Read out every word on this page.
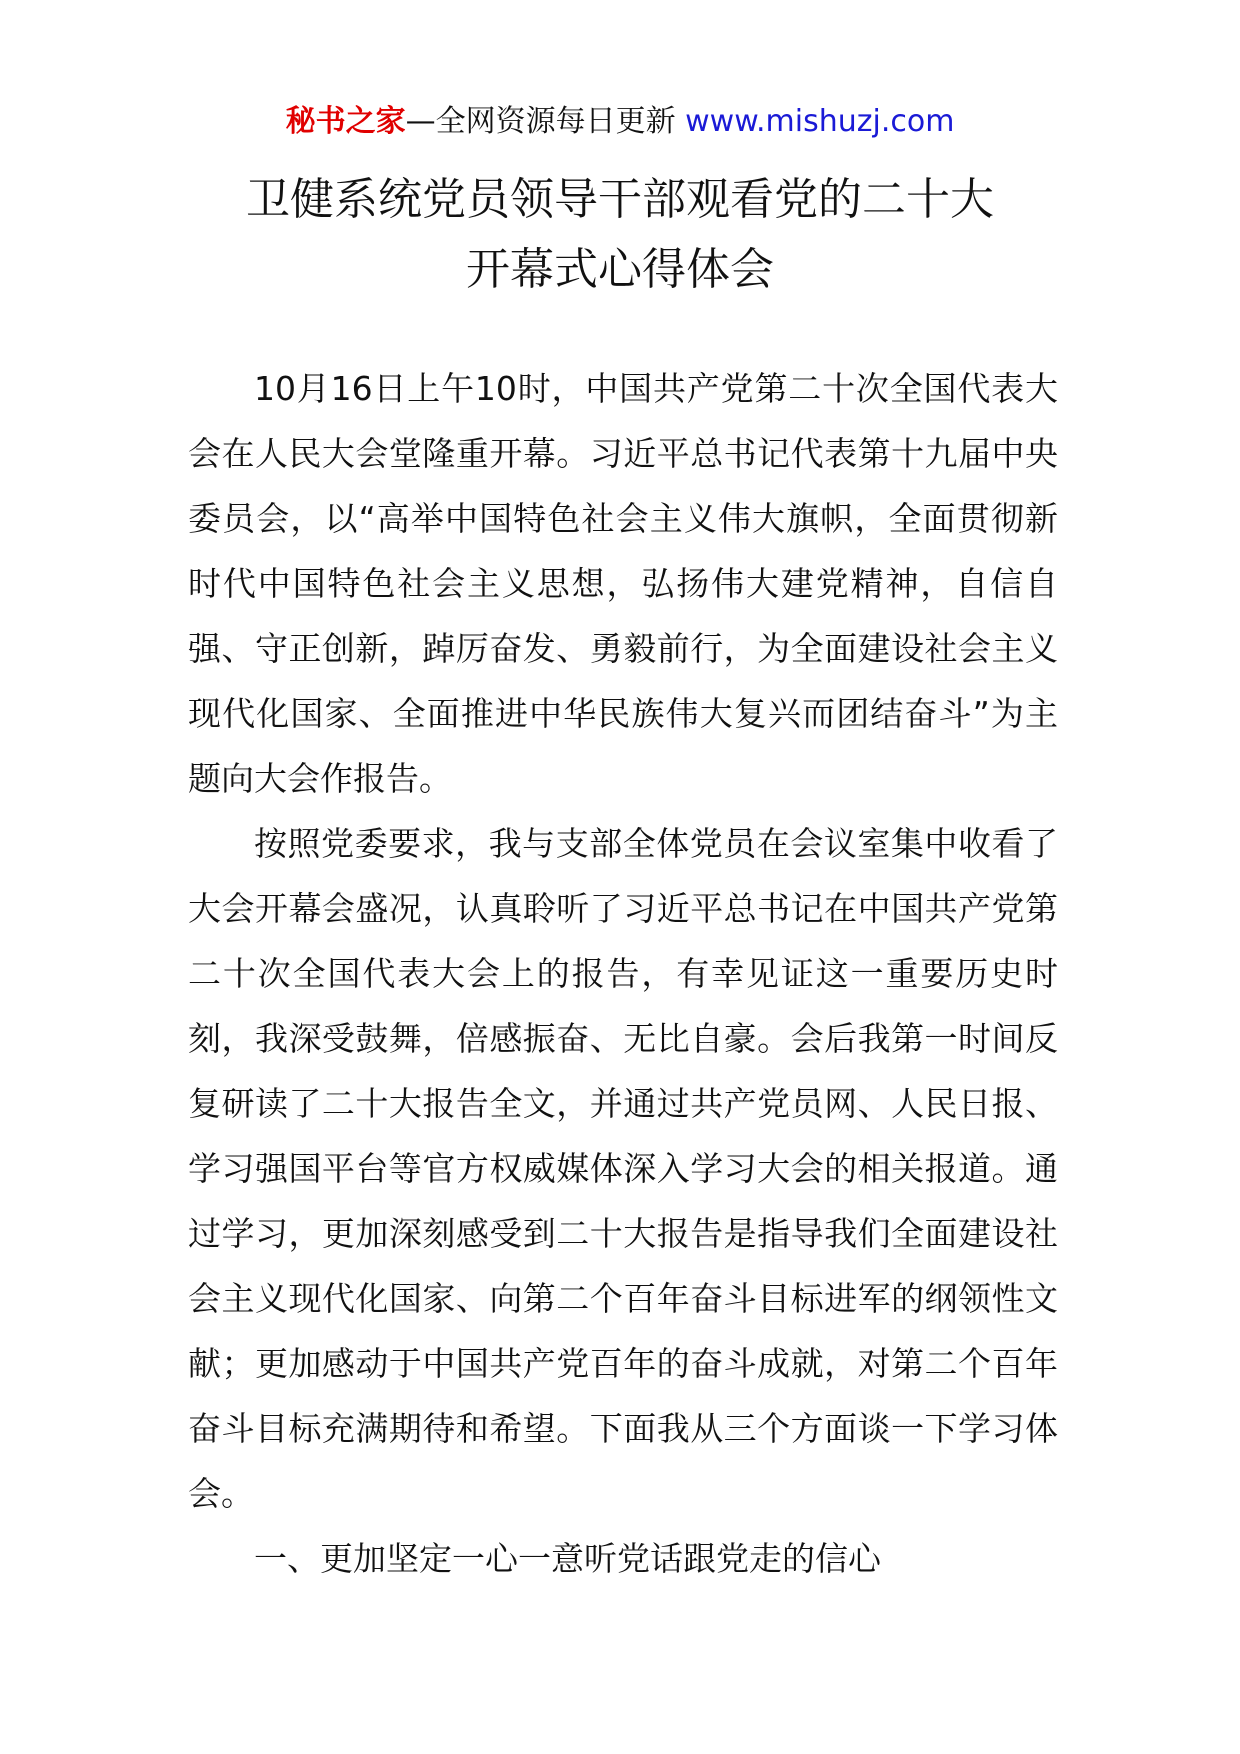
秘书之家—全网资源每日更新 www.mishuzj.com
卫健系统党员领导干部观看党的二十大
开幕式心得体会

10月16日上午10时，中国共产党第二十次全国代表大会在人民大会堂隆重开幕。习近平总书记代表第十九届中央委员会，以“高举中国特色社会主义伟大旗帜，全面贯彻新时代中国特色社会主义思想，弘扬伟大建党精神，自信自强、守正创新，踔厉奋发、勇毅前行，为全面建设社会主义现代化国家、全面推进中华民族伟大复兴而团结奋斗”为主题向大会作报告。

按照党委要求，我与支部全体党员在会议室集中收看了大会开幕会盛况，认真聆听了习近平总书记在中国共产党第二十次全国代表大会上的报告，有幸见证这一重要历史时刻，我深受鼓舞，倍感振奋、无比自豪。会后我第一时间反复研读了二十大报告全文，并通过共产党员网、人民日报、学习强国平台等官方权威媒体深入学习大会的相关报道。通过学习，更加深刻感受到二十大报告是指导我们全面建设社会主义现代化国家、向第二个百年奋斗目标进军的纲领性文献；更加感动于中国共产党百年的奋斗成就，对第二个百年奋斗目标充满期待和希望。下面我从三个方面谈一下学习体会。

一、更加坚定一心一意听党话跟党走的信心
